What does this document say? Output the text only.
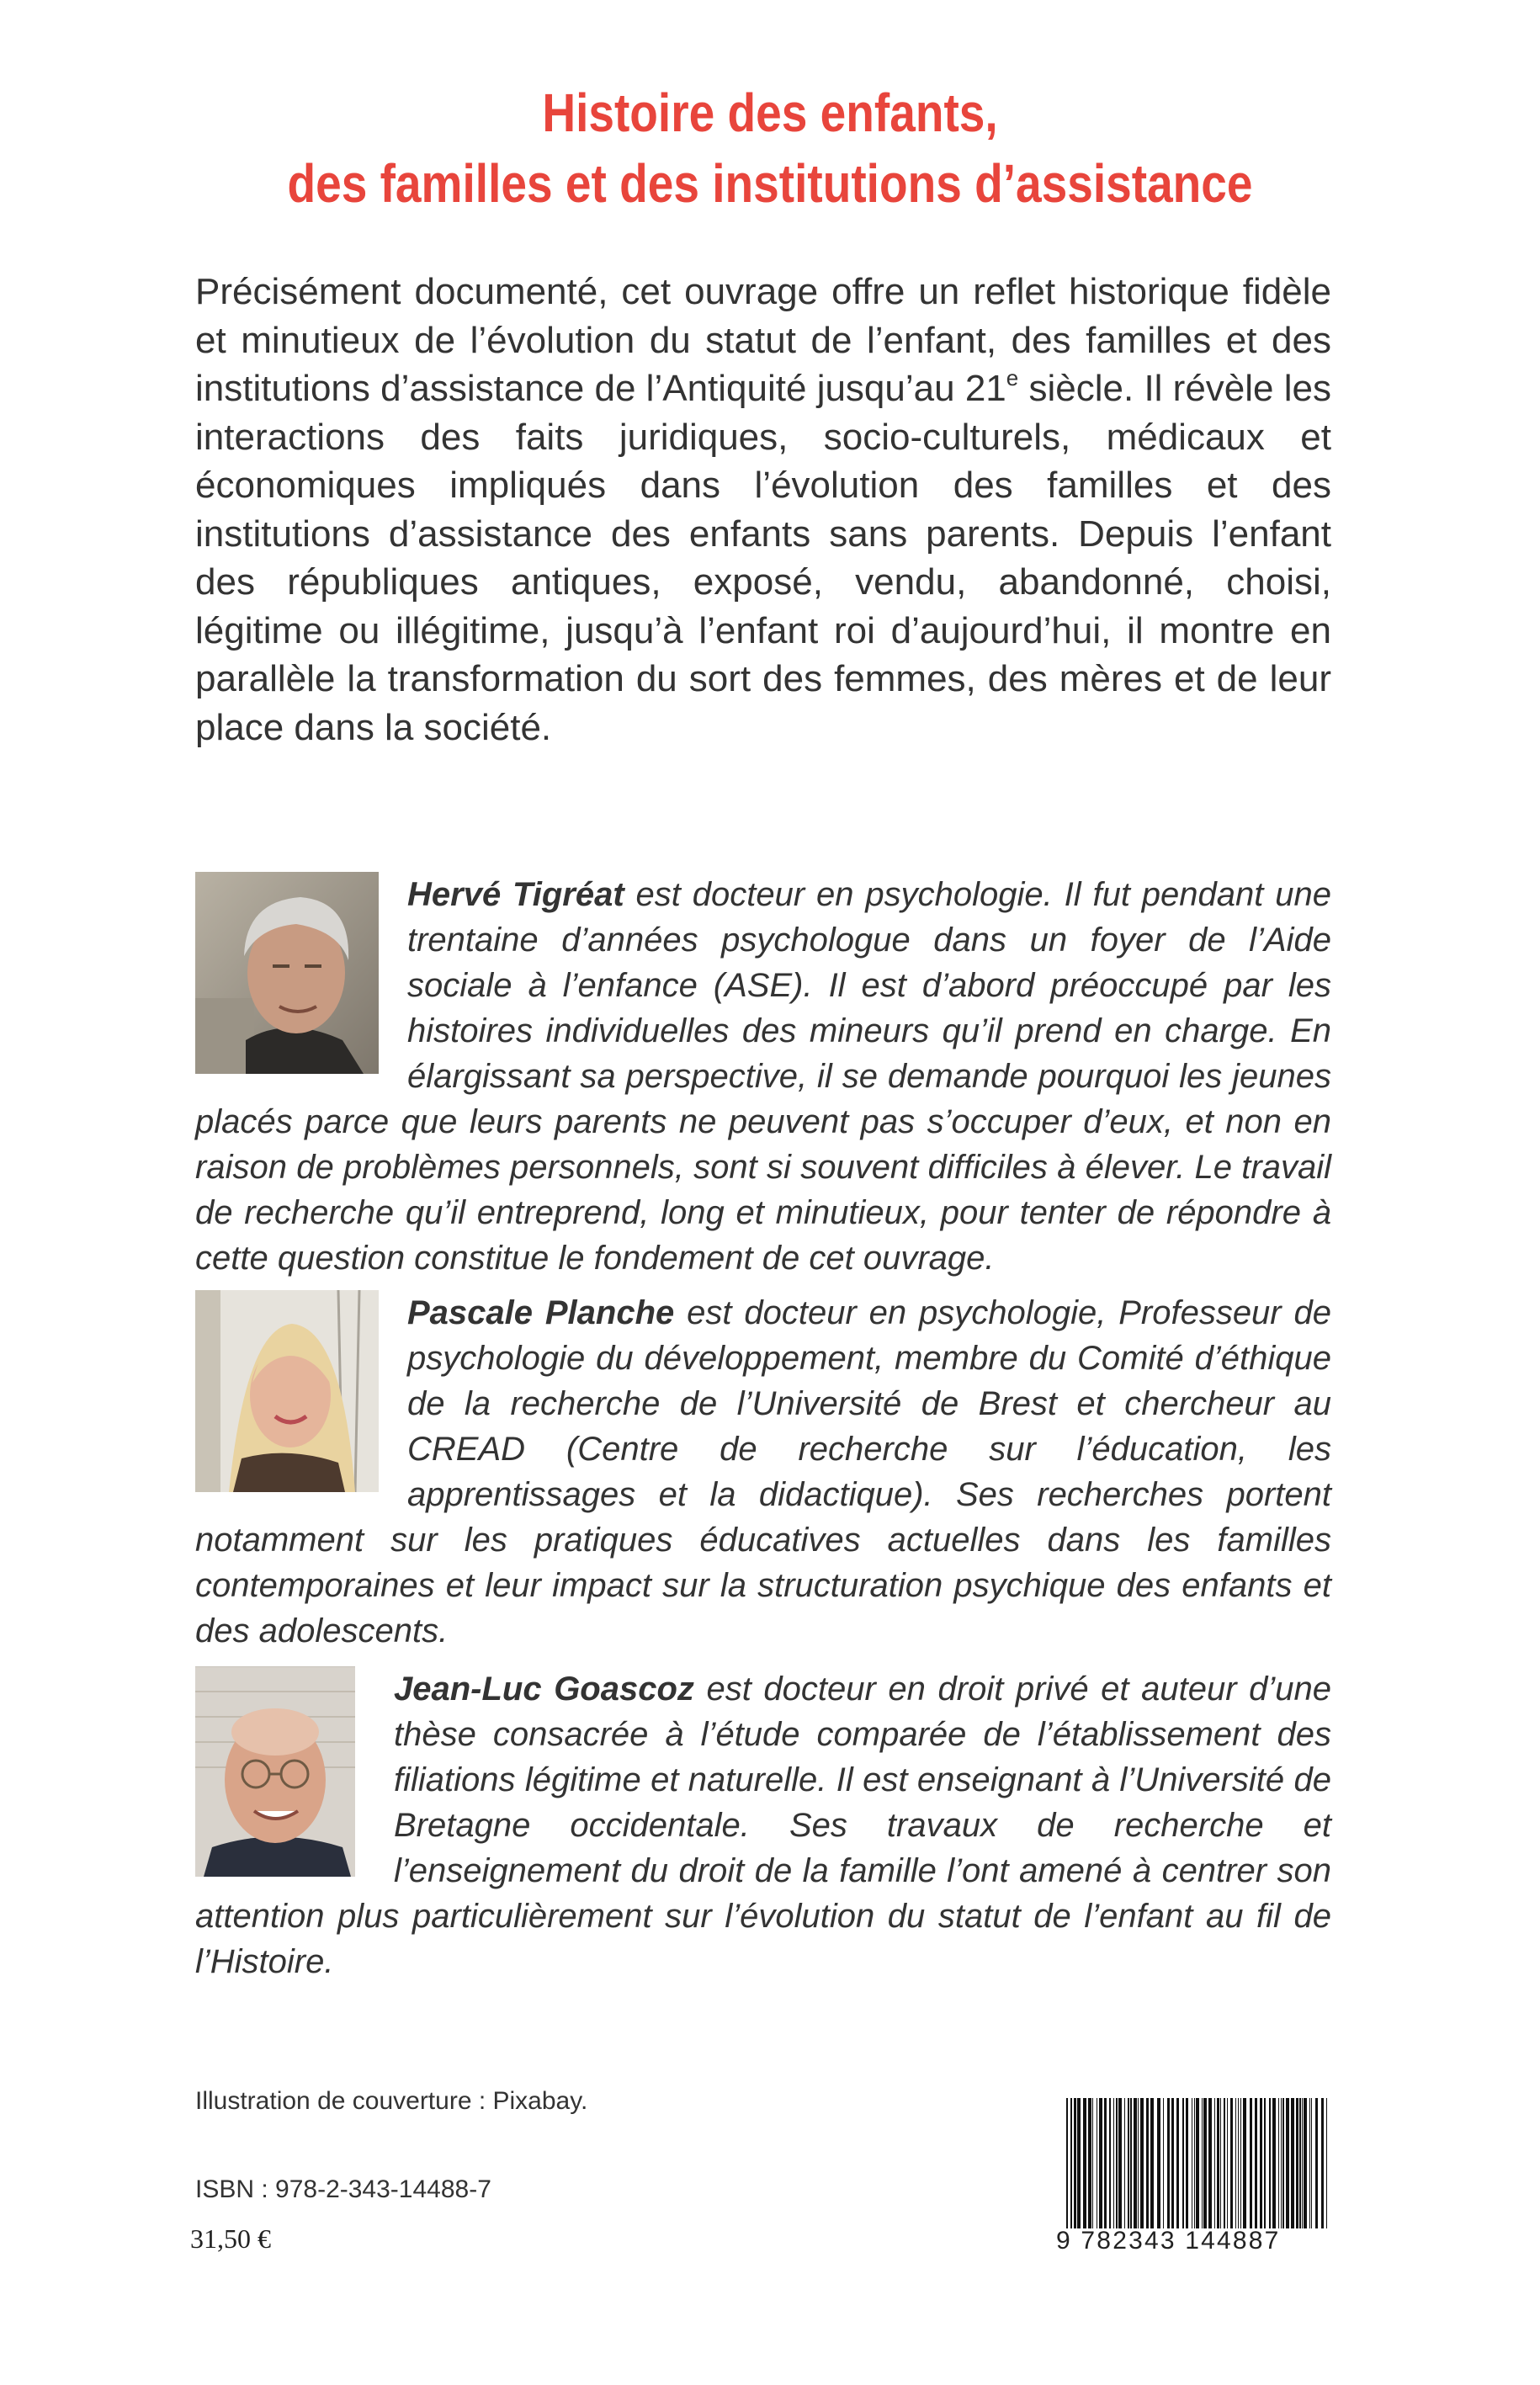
Histoire des enfants,
des familles et des institutions d’assistance
Précisément documenté, cet ouvrage offre un reflet historique fidèle et minutieux de l’évolution du statut de l’enfant, des familles et des institutions d’assistance de l’Antiquité jusqu’au 21e siècle. Il révèle les interactions des faits juridiques, socio-culturels, médicaux et économiques impliqués dans l’évolution des familles et des institutions d’assistance des enfants sans parents. Depuis l’enfant des républiques antiques, exposé, vendu, abandonné, choisi, légitime ou illégitime, jusqu’à l’enfant roi d’aujourd’hui, il montre en parallèle la transformation du sort des femmes, des mères et de leur place dans la société.
Hervé Tigréat est docteur en psychologie. Il fut pendant une trentaine d’années psychologue dans un foyer de l’Aide sociale à l’enfance (ASE). Il est d’abord préoccupé par les histoires individuelles des mineurs qu’il prend en charge. En élargissant sa perspective, il se demande pourquoi les jeunes placés parce que leurs parents ne peuvent pas s’occuper d’eux, et non en raison de problèmes personnels, sont si souvent difficiles à élever. Le travail de recherche qu’il entreprend, long et minutieux, pour tenter de répondre à cette question constitue le fondement de cet ouvrage.
Pascale Planche est docteur en psychologie, Professeur de psychologie du développement, membre du Comité d’éthique de la recherche de l’Université de Brest et chercheur au CREAD (Centre de recherche sur l’éducation, les apprentissages et la didactique). Ses recherches portent notamment sur les pratiques éducatives actuelles dans les familles contemporaines et leur impact sur la structuration psychique des enfants et des adolescents.
Jean-Luc Goascoz est docteur en droit privé et auteur d’une thèse consacrée à l’étude comparée de l’établissement des filiations légitime et naturelle. Il est enseignant à l’Université de Bretagne occidentale. Ses travaux de recherche et l’enseignement du droit de la famille l’ont amené à centrer son attention plus particulièrement sur l’évolution du statut de l’enfant au fil de l’Histoire.
Illustration de couverture : Pixabay.
ISBN : 978-2-343-14488-7
31,50 €	9 782343 144887
